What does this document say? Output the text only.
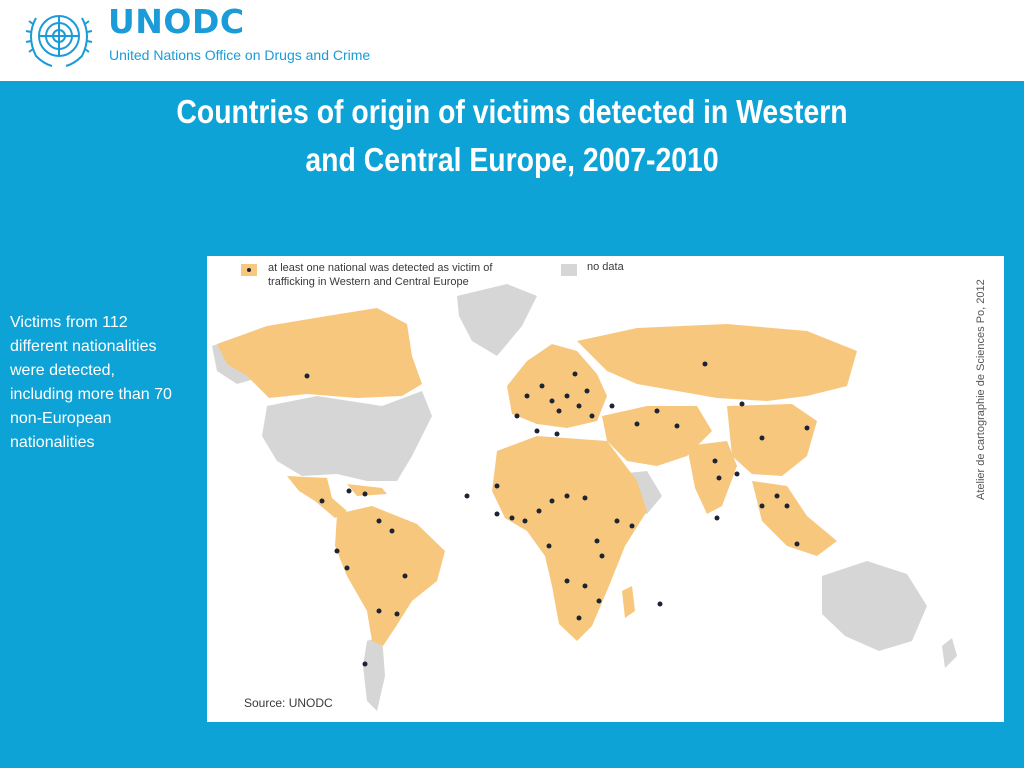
UNODC
United Nations Office on Drugs and Crime
Countries of origin of victims detected in Western
and Central Europe, 2007-2010
Victims from 112 different nationalities were detected, including more than 70 non-European nationalities
at least one national was detected as victim of trafficking in Western and Central Europe
no data
Atelier de cartographie de Sciences Po, 2012
Source: UNODC
